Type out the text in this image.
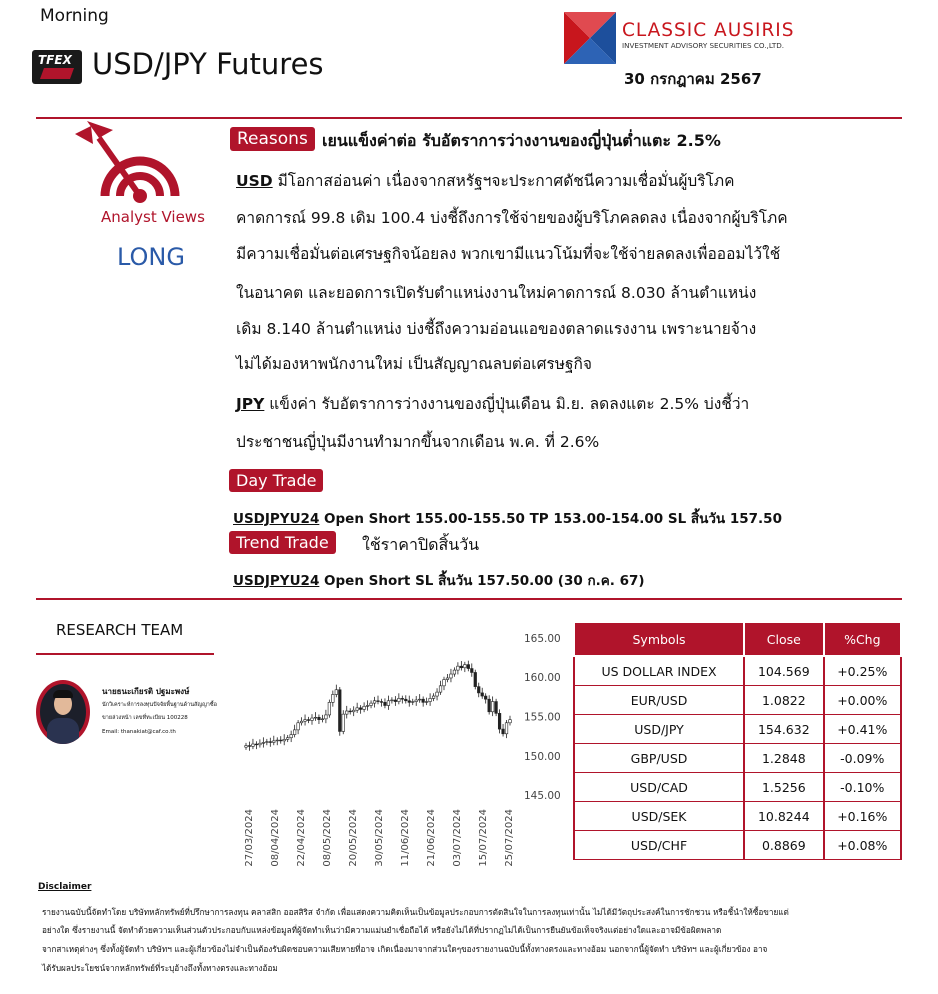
Morning
TFEX USD/JPY Futures
CLASSIC AUSIRIS
INVESTMENT ADVISORY SECURITIES CO.,LTD.
30 กรกฎาคม 2567
Analyst Views
LONG
Reasons เยนแข็งค่าต่อ รับอัตราการว่างงานของญี่ปุ่นต่ำแตะ 2.5%
USD มีโอกาสอ่อนค่า เนื่องจากสหรัฐฯจะประกาศดัชนีความเชื่อมั่นผู้บริโภค
คาดการณ์ 99.8 เดิม 100.4 บ่งชี้ถึงการใช้จ่ายของผู้บริโภคลดลง เนื่องจากผู้บริโภค
มีความเชื่อมั่นต่อเศรษฐกิจน้อยลง พวกเขามีแนวโน้มที่จะใช้จ่ายลดลงเพื่อออมไว้ใช้
ในอนาคต และยอดการเปิดรับตำแหน่งงานใหม่คาดการณ์ 8.030 ล้านตำแหน่ง
เดิม 8.140 ล้านตำแหน่ง บ่งชี้ถึงความอ่อนแอของตลาดแรงงาน เพราะนายจ้าง
ไม่ได้มองหาพนักงานใหม่ เป็นสัญญาณลบต่อเศรษฐกิจ
JPY แข็งค่า รับอัตราการว่างงานของญี่ปุ่นเดือน มิ.ย. ลดลงแตะ 2.5% บ่งชี้ว่า
ประชาชนญี่ปุ่นมีงานทำมากขึ้นจากเดือน พ.ค. ที่ 2.6%
Day Trade
USDJPYU24 Open Short 155.00-155.50 TP 153.00-154.00 SL สิ้นวัน 157.50
Trend Trade	ใช้ราคาปิดสิ้นวัน
USDJPYU24 Open Short SL สิ้นวัน 157.50.00 (30 ก.ค. 67)
RESEARCH TEAM
นายธนะเกียรติ ปฐมะพงษ์
นักวิเคราะห์การลงทุนปัจจัยพื้นฐานด้านสัญญาซื้อ
ขายล่วงหน้า เลขที่ทะเบียน 100228
Email: thanakiat@caf.co.th
145.00
150.00
155.00
160.00
165.00
27/03/2024 08/04/2024 22/04/2024 08/05/2024 20/05/2024 30/05/2024 11/06/2024 21/06/2024 03/07/2024 15/07/2024 25/07/2024
Symbols	Close	%Chg
US DOLLAR INDEX	104.569	+0.25%
EUR/USD	1.0822	+0.00%
USD/JPY	154.632	+0.41%
GBP/USD	1.2848	-0.09%
USD/CAD	1.5256	-0.10%
USD/SEK	10.8244	+0.16%
USD/CHF	0.8869	+0.08%
Disclaimer
รายงานฉบับนี้จัดทำโดย บริษัทหลักทรัพย์ที่ปรึกษาการลงทุน คลาสสิก ออสสิริส จำกัด เพื่อแสดงความคิดเห็นเป็นข้อมูลประกอบการตัดสินใจในการลงทุนเท่านั้น ไม่ได้มีวัตถุประสงค์ในการชักชวน หรือชี้นำให้ซื้อขายแต่
อย่างใด ซึ่งรายงานนี้ จัดทำด้วยความเห็นส่วนตัวประกอบกับแหล่งข้อมูลที่ผู้จัดทำเห็นว่ามีความแม่นยำเชื่อถือได้ หรือยังไม่ได้ที่ปรากฏไม่ได้เป็นการยืนยันข้อเท็จจริงแต่อย่างใดและอาจมีข้อผิดพลาด
จากสาเหตุต่างๆ ซึ่งทั้งผู้จัดทำ บริษัทฯ และผู้เกี่ยวข้องไม่จำเป็นต้องรับผิดชอบความเสียหายที่อาจ เกิดเนื่องมาจากส่วนใดๆของรายงานฉบับนี้ทั้งทางตรงและทางอ้อม นอกจากนี้ผู้จัดทำ บริษัทฯ และผู้เกี่ยวข้อง อาจ
ได้รับผลประโยชน์จากหลักทรัพย์ที่ระบุอ้างถึงทั้งทางตรงและทางอ้อม
